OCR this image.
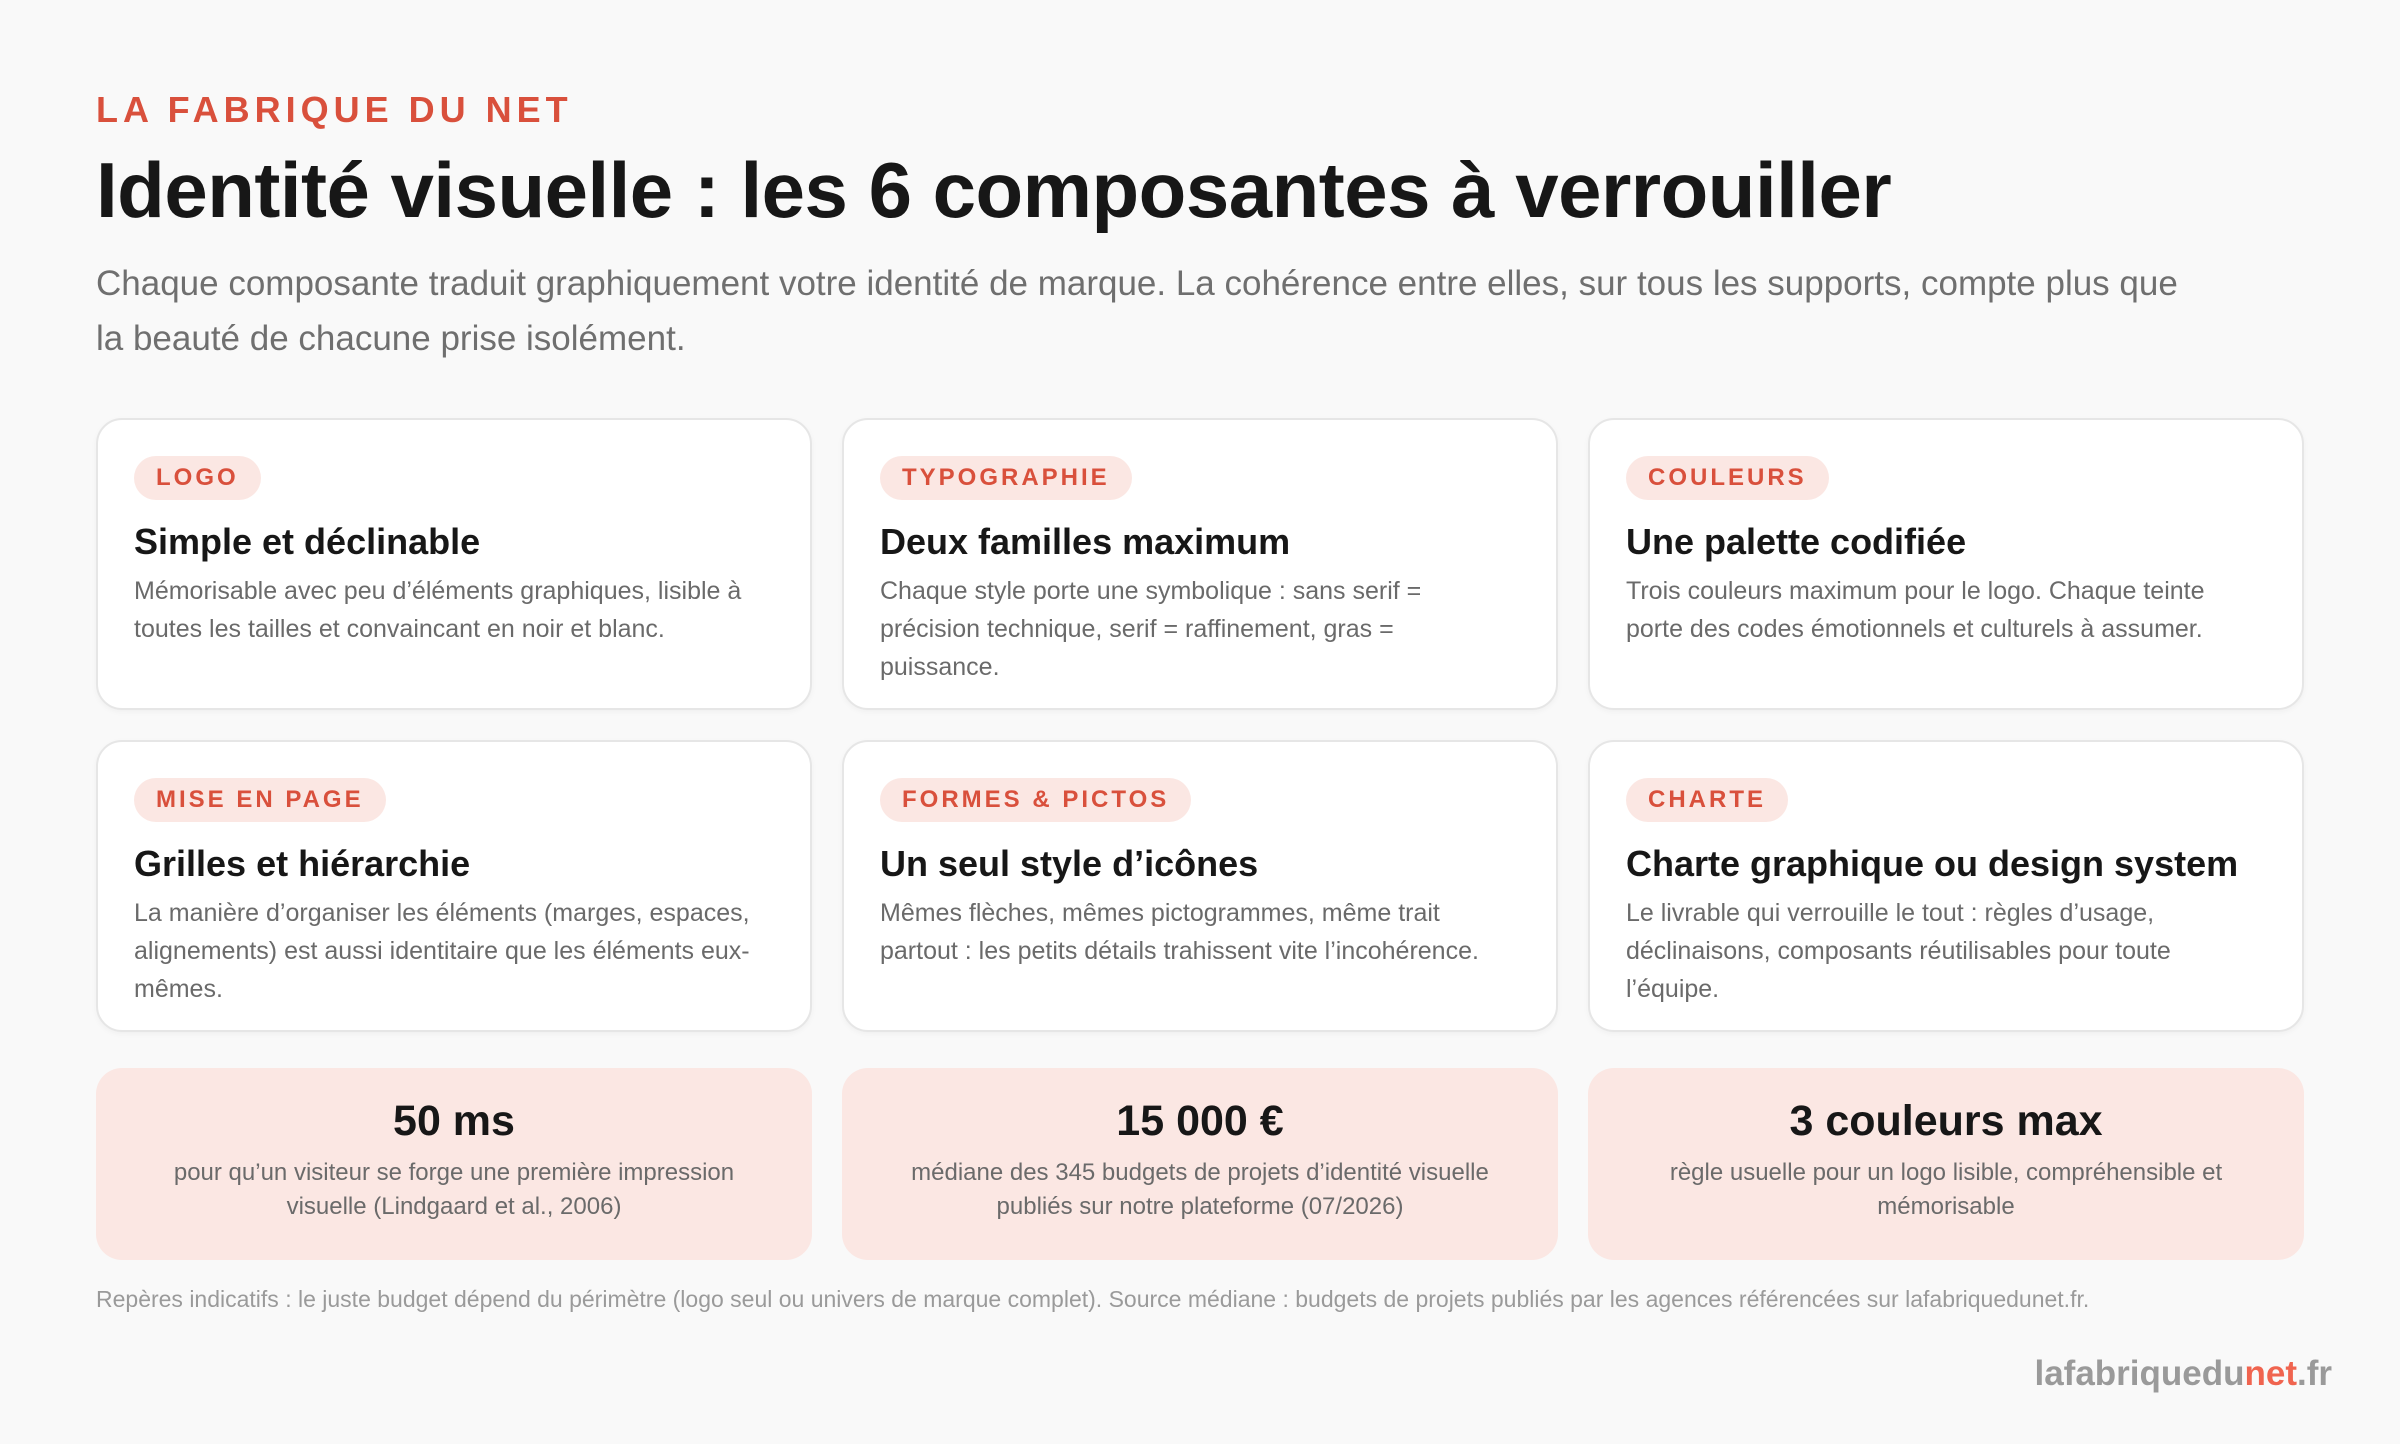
LA FABRIQUE DU NET

Identité visuelle : les 6 composantes à verrouiller

Chaque composante traduit graphiquement votre identité de marque. La cohérence entre elles, sur tous les supports, compte plus que la beauté de chacune prise isolément.

LOGO
Simple et déclinable
Mémorisable avec peu d’éléments graphiques, lisible à toutes les tailles et convaincant en noir et blanc.
TYPOGRAPHIE
Deux familles maximum
Chaque style porte une symbolique : sans serif = précision technique, serif = raffinement, gras = puissance.
COULEURS
Une palette codifiée
Trois couleurs maximum pour le logo. Chaque teinte porte des codes émotionnels et culturels à assumer.
MISE EN PAGE
Grilles et hiérarchie
La manière d’organiser les éléments (marges, espaces, alignements) est aussi identitaire que les éléments eux-mêmes.
FORMES & PICTOS
Un seul style d’icônes
Mêmes flèches, mêmes pictogrammes, même trait partout : les petits détails trahissent vite l’incohérence.
CHARTE
Charte graphique ou design system
Le livrable qui verrouille le tout : règles d’usage, déclinaisons, composants réutilisables pour toute l’équipe.
50 ms
pour qu’un visiteur se forge une première impression visuelle (Lindgaard et al., 2006)
15 000 €
médiane des 345 budgets de projets d’identité visuelle publiés sur notre plateforme (07/2026)
3 couleurs max
règle usuelle pour un logo lisible, compréhensible et mémorisable
Repères indicatifs : le juste budget dépend du périmètre (logo seul ou univers de marque complet). Source médiane : budgets de projets publiés par les agences référencées sur lafabriquedunet.fr.
lafabriquedunet.fr
